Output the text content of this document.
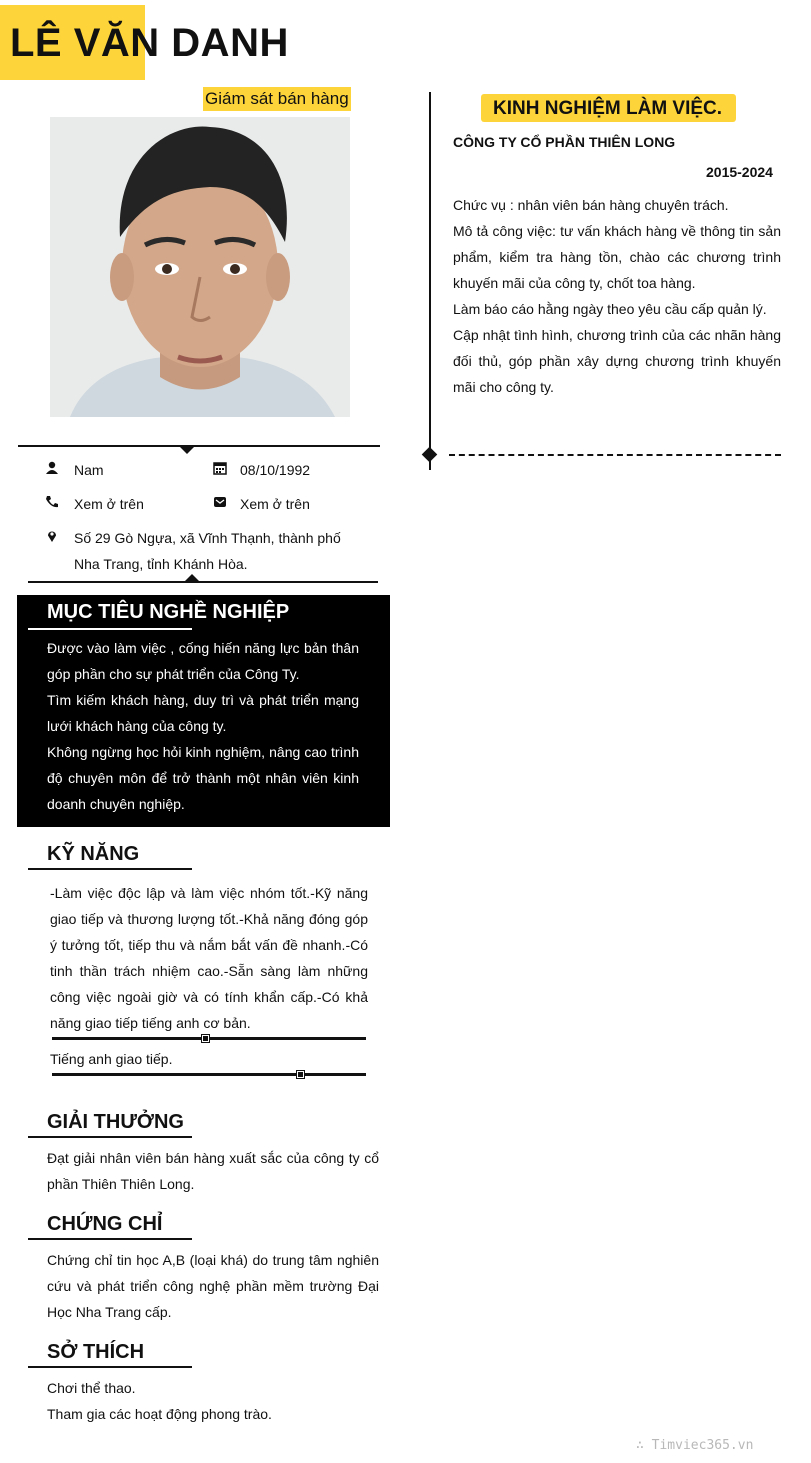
LÊ VĂN DANH
Giám sát bán hàng
Nam	08/10/1992
Xem ở trên	Xem ở trên
Số 29 Gò Ngựa, xã Vĩnh Thạnh, thành phố
Nha Trang, tỉnh Khánh Hòa.
MỤC TIÊU NGHỀ NGHIỆP

Được vào làm việc , cống hiến năng lực bản thân góp phần cho sự phát triển của Công Ty.

Tìm kiếm khách hàng, duy trì và phát triển mạng lưới khách hàng của công ty.

Không ngừng học hỏi kinh nghiệm, nâng cao trình độ chuyên môn để trở thành một nhân viên kinh doanh chuyên nghiệp.

KỸ NĂNG
-Làm việc độc lập và làm việc nhóm tốt.-Kỹ năng giao tiếp và thương lượng tốt.-Khả năng đóng góp ý tưởng tốt, tiếp thu và nắm bắt vấn đề nhanh.-Có tinh thần trách nhiệm cao.-Sẵn sàng làm những công việc ngoài giờ và có tính khẩn cấp.-Có khả năng giao tiếp tiếng anh cơ bản.
Tiếng anh giao tiếp.
GIẢI THƯỞNG
Đạt giải nhân viên bán hàng xuất sắc của công ty cổ phần Thiên Thiên Long.
CHỨNG CHỈ
Chứng chỉ tin học A,B (loại khá) do trung tâm nghiên cứu và phát triển công nghệ phần mềm trường Đại Học Nha Trang cấp.
SỞ THÍCH

Chơi thể thao.

Tham gia các hoạt động phong trào.

KINH NGHIỆM LÀM VIỆC.
CÔNG TY CỔ PHẦN THIÊN LONG
2015-2024

Chức vụ : nhân viên bán hàng chuyên trách.

Mô tả công việc: tư vấn khách hàng về thông tin sản phẩm, kiểm tra hàng tồn, chào các chương trình khuyến mãi của công ty, chốt toa hàng.

Làm báo cáo hằng ngày theo yêu cầu cấp quản lý.

Cập nhật tình hình, chương trình của các nhãn hàng đối thủ, góp phần xây dựng chương trình khuyến mãi cho công ty.

∴ Timviec365.vn
